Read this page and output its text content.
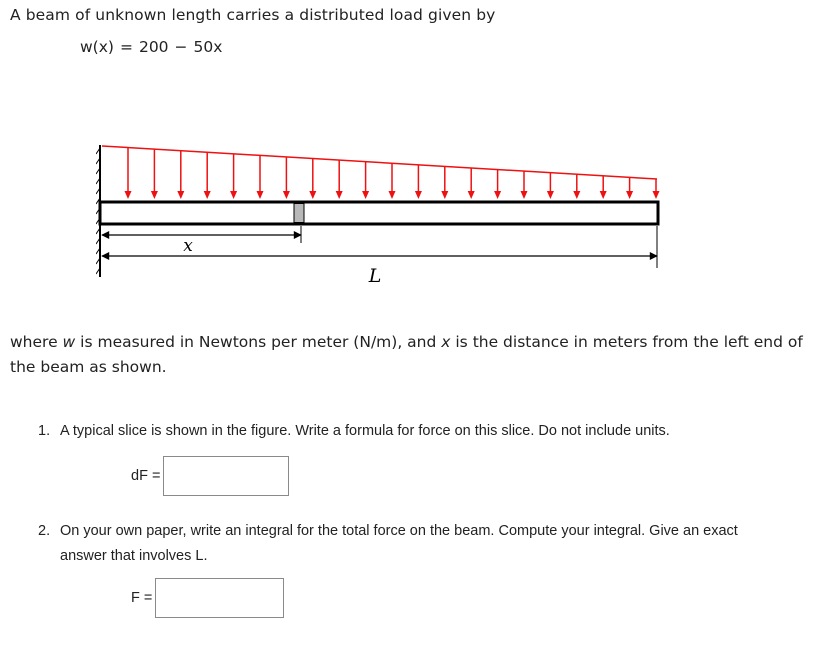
A beam of unknown length carries a distributed load given by
w(x) = 200 − 50x
x
L
where w is measured in Newtons per meter (N/m), and x is the distance in meters from the left end of the beam as shown.
1. A typical slice is shown in the figure. Write a formula for force on this slice. Do not include units.
dF =
2. On your own paper, write an integral for the total force on the beam. Compute your integral. Give an exact
answer that involves L.
F =
